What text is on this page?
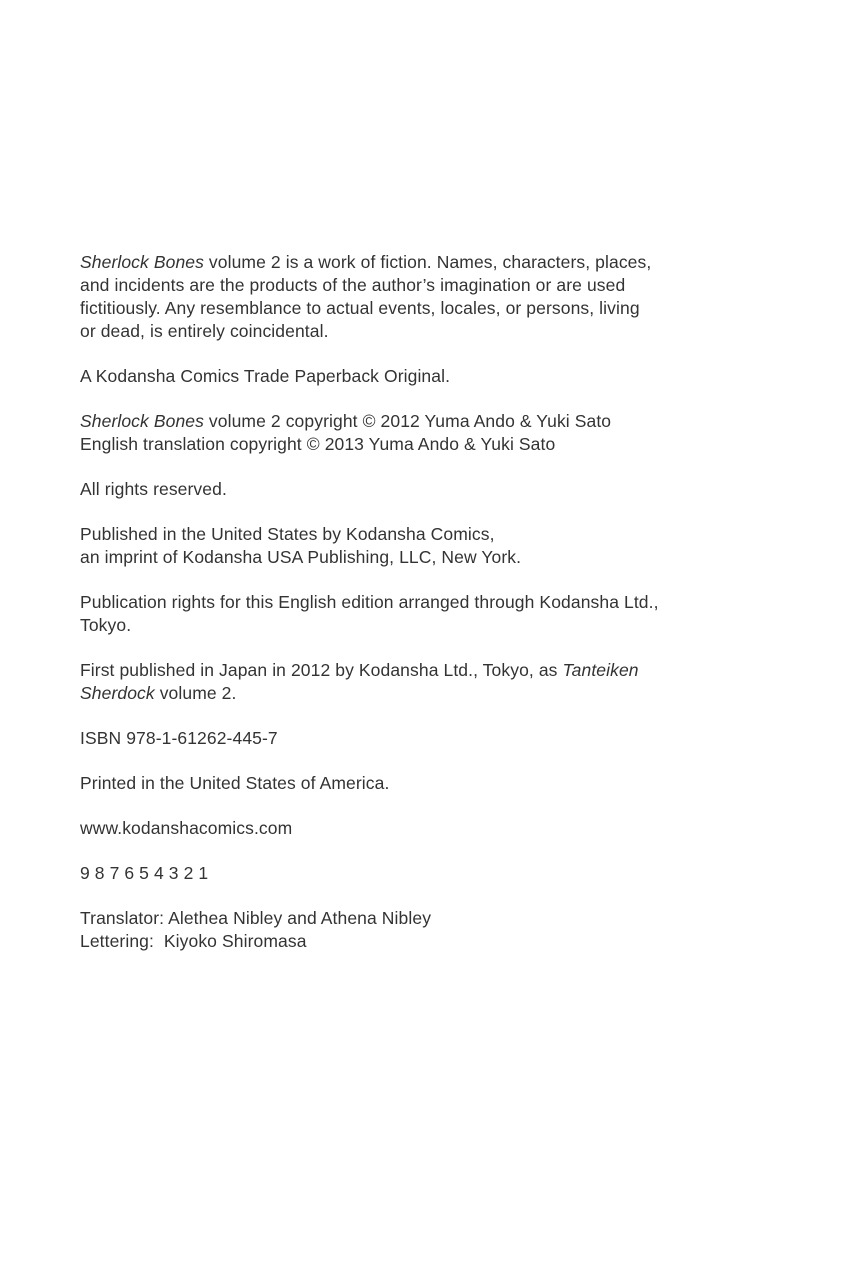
Sherlock Bones volume 2 is a work of fiction. Names, characters, places,
and incidents are the products of the author’s imagination or are used
fictitiously. Any resemblance to actual events, locales, or persons, living
or dead, is entirely coincidental.

A Kodansha Comics Trade Paperback Original.

Sherlock Bones volume 2 copyright © 2012 Yuma Ando & Yuki Sato
English translation copyright © 2013 Yuma Ando & Yuki Sato

All rights reserved.

Published in the United States by Kodansha Comics,
an imprint of Kodansha USA Publishing, LLC, New York.

Publication rights for this English edition arranged through Kodansha Ltd.,
Tokyo.

First published in Japan in 2012 by Kodansha Ltd., Tokyo, as Tanteiken
Sherdock volume 2.

ISBN 978-1-61262-445-7

Printed in the United States of America.

www.kodanshacomics.com

9 8 7 6 5 4 3 2 1

Translator: Alethea Nibley and Athena Nibley
Lettering:  Kiyoko Shiromasa
